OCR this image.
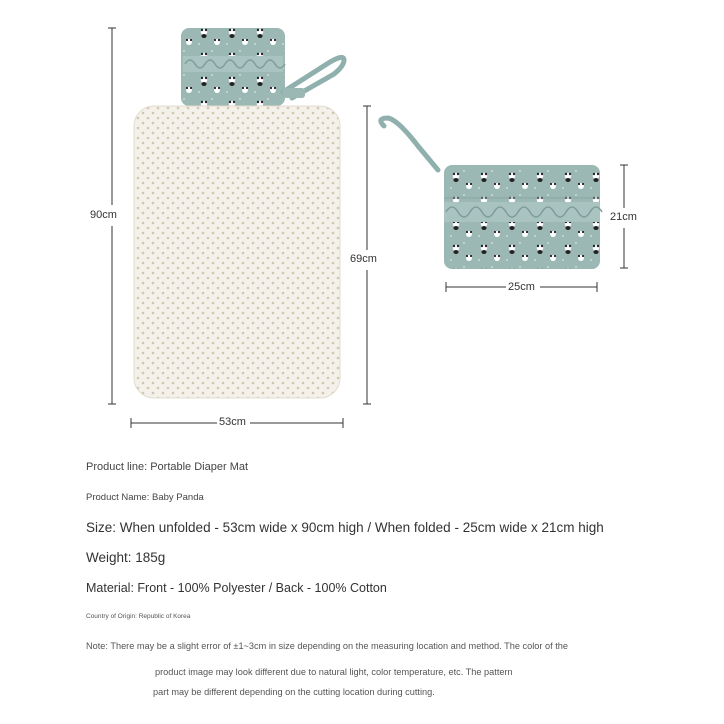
90cm
69cm
53cm
21cm
25cm
Product line: Portable Diaper Mat
Product Name: Baby Panda
Size: When unfolded - 53cm wide x 90cm high / When folded - 25cm wide x 21cm high
Weight: 185g
Material: Front - 100% Polyester / Back - 100% Cotton
Country of Origin: Republic of Korea
Note: There may be a slight error of ±1~3cm in size depending on the measuring location and method. The color of the
product image may look different due to natural light, color temperature, etc. The pattern
part may be different depending on the cutting location during cutting.
